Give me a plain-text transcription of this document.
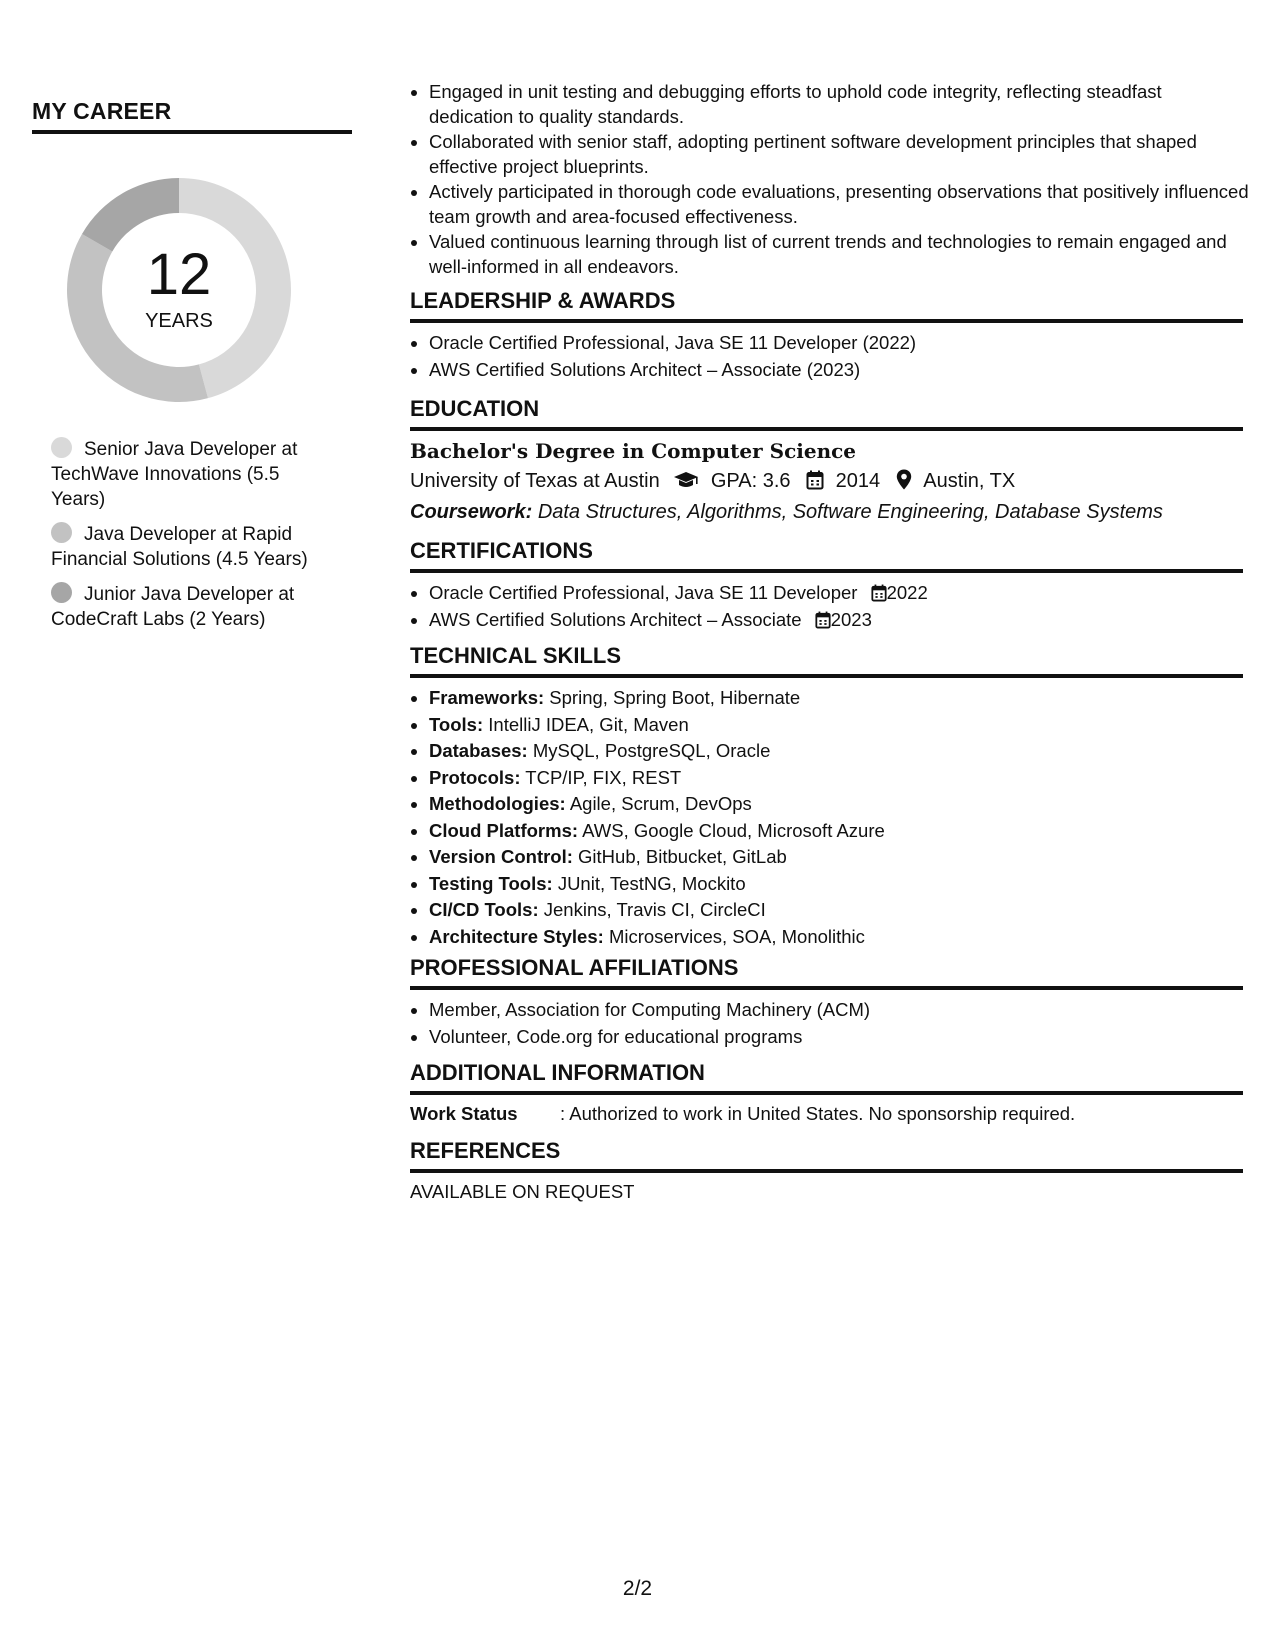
MY CAREER
12
YEARS
Senior Java Developer at TechWave Innovations (5.5 Years)
Java Developer at Rapid Financial Solutions (4.5 Years)
Junior Java Developer at CodeCraft Labs (2 Years)
• Engaged in unit testing and debugging efforts to uphold code integrity, reflecting steadfast dedication to quality standards.
• Collaborated with senior staff, adopting pertinent software development principles that shaped effective project blueprints.
• Actively participated in thorough code evaluations, presenting observations that positively influenced team growth and area-focused effectiveness.
• Valued continuous learning through list of current trends and technologies to remain engaged and well-informed in all endeavors.
LEADERSHIP & AWARDS
• Oracle Certified Professional, Java SE 11 Developer (2022)
• AWS Certified Solutions Architect – Associate (2023)
EDUCATION
Bachelor's Degree in Computer Science
University of Texas at Austin	GPA: 3.6 2014 Austin, TX
Coursework: Data Structures, Algorithms, Software Engineering, Database Systems
CERTIFICATIONS
• Oracle Certified Professional, Java SE 11 Developer 2022
• AWS Certified Solutions Architect – Associate 2023
TECHNICAL SKILLS
• Frameworks: Spring, Spring Boot, Hibernate
• Tools: IntelliJ IDEA, Git, Maven
• Databases: MySQL, PostgreSQL, Oracle
• Protocols: TCP/IP, FIX, REST
• Methodologies: Agile, Scrum, DevOps
• Cloud Platforms: AWS, Google Cloud, Microsoft Azure
• Version Control: GitHub, Bitbucket, GitLab
• Testing Tools: JUnit, TestNG, Mockito
• CI/CD Tools: Jenkins, Travis CI, CircleCI
• Architecture Styles: Microservices, SOA, Monolithic
PROFESSIONAL AFFILIATIONS
• Member, Association for Computing Machinery (ACM)
• Volunteer, Code.org for educational programs
ADDITIONAL INFORMATION
Work Status : Authorized to work in United States. No sponsorship required.
REFERENCES
AVAILABLE ON REQUEST
2/2
